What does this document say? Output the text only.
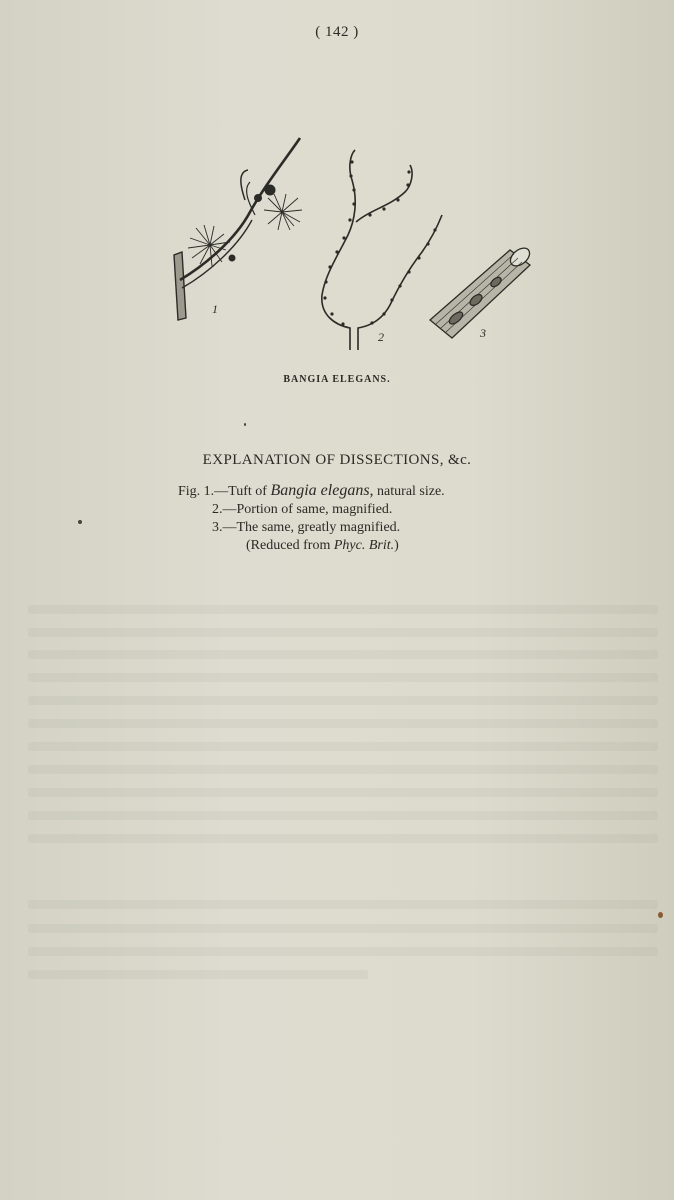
( 142 )
1
2	3
BANGIA ELEGANS.
EXPLANATION OF DISSECTIONS, &c.
Fig. 1.—Tuft of Bangia elegans, natural size.
2.—Portion of same, magnified.
3.—The same, greatly magnified.
(Reduced from Phyc. Brit.)
